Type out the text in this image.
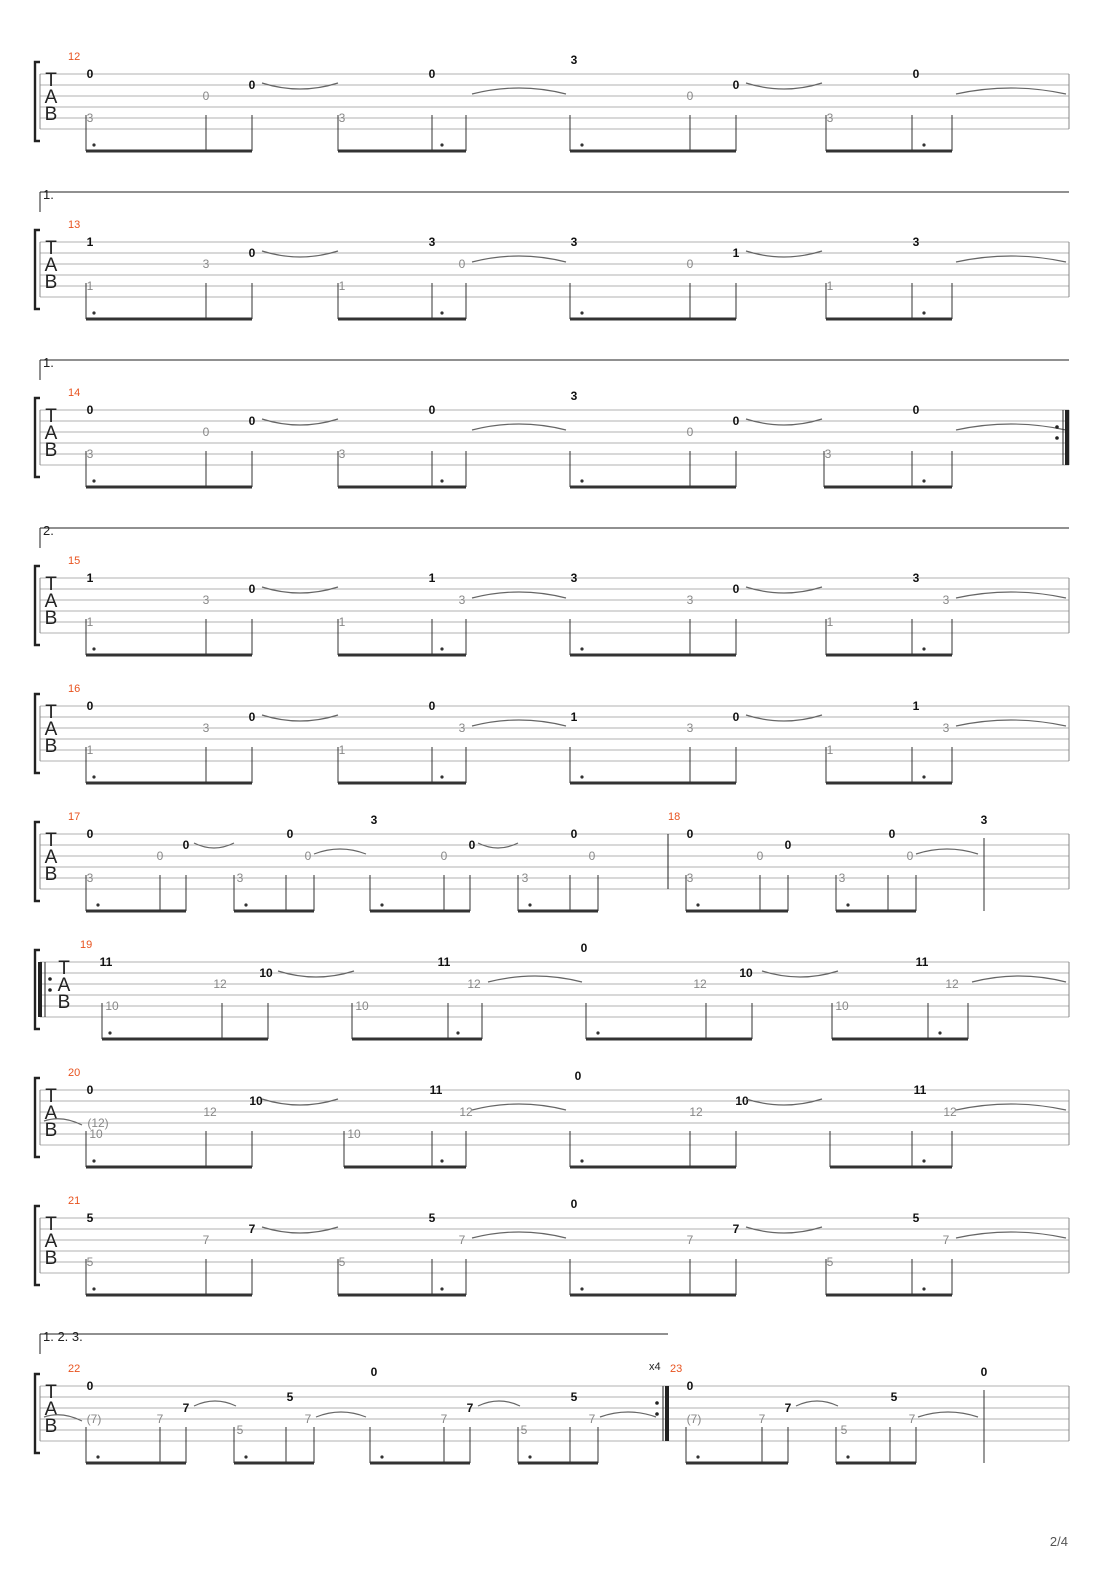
T
A
B
12
0
0
0
0
3
0
0
0
3	3	3
T
A
B
1.
13
1
3
0
3
0
3
0
1
3
1	1	1
T
A
B
1.
14
0
0
0
0
3
0
0
0
3	3	3
T
A
B
2.
15
1
3
0
1
3
3
3
0
3
3
1	1	1
T
A
B
16
0
3
0
0
3
1
3
0
1
3
1	1	1
T
A
B
19
11
12
10
11
12
0
12
10
11
12
10	10	10
T
A
B
20
0
(12)
12
10
11
12
0
12
10
11
12
10	10
T
A
B
21
5
7
7
5
7
0
7
7
5
7
5	5	5
T
A
B
17
0
0
0
0
0
3
0
0
0
0
3	3	3
18
0
0
0
0
0
3
3	3
T
A
B
1. 2. 3.
x4
22
0
(7)	7
7
5
7
0
7
7
5
7
5	5
23
0
(7)	7
7
5
7
0
5
2/4
